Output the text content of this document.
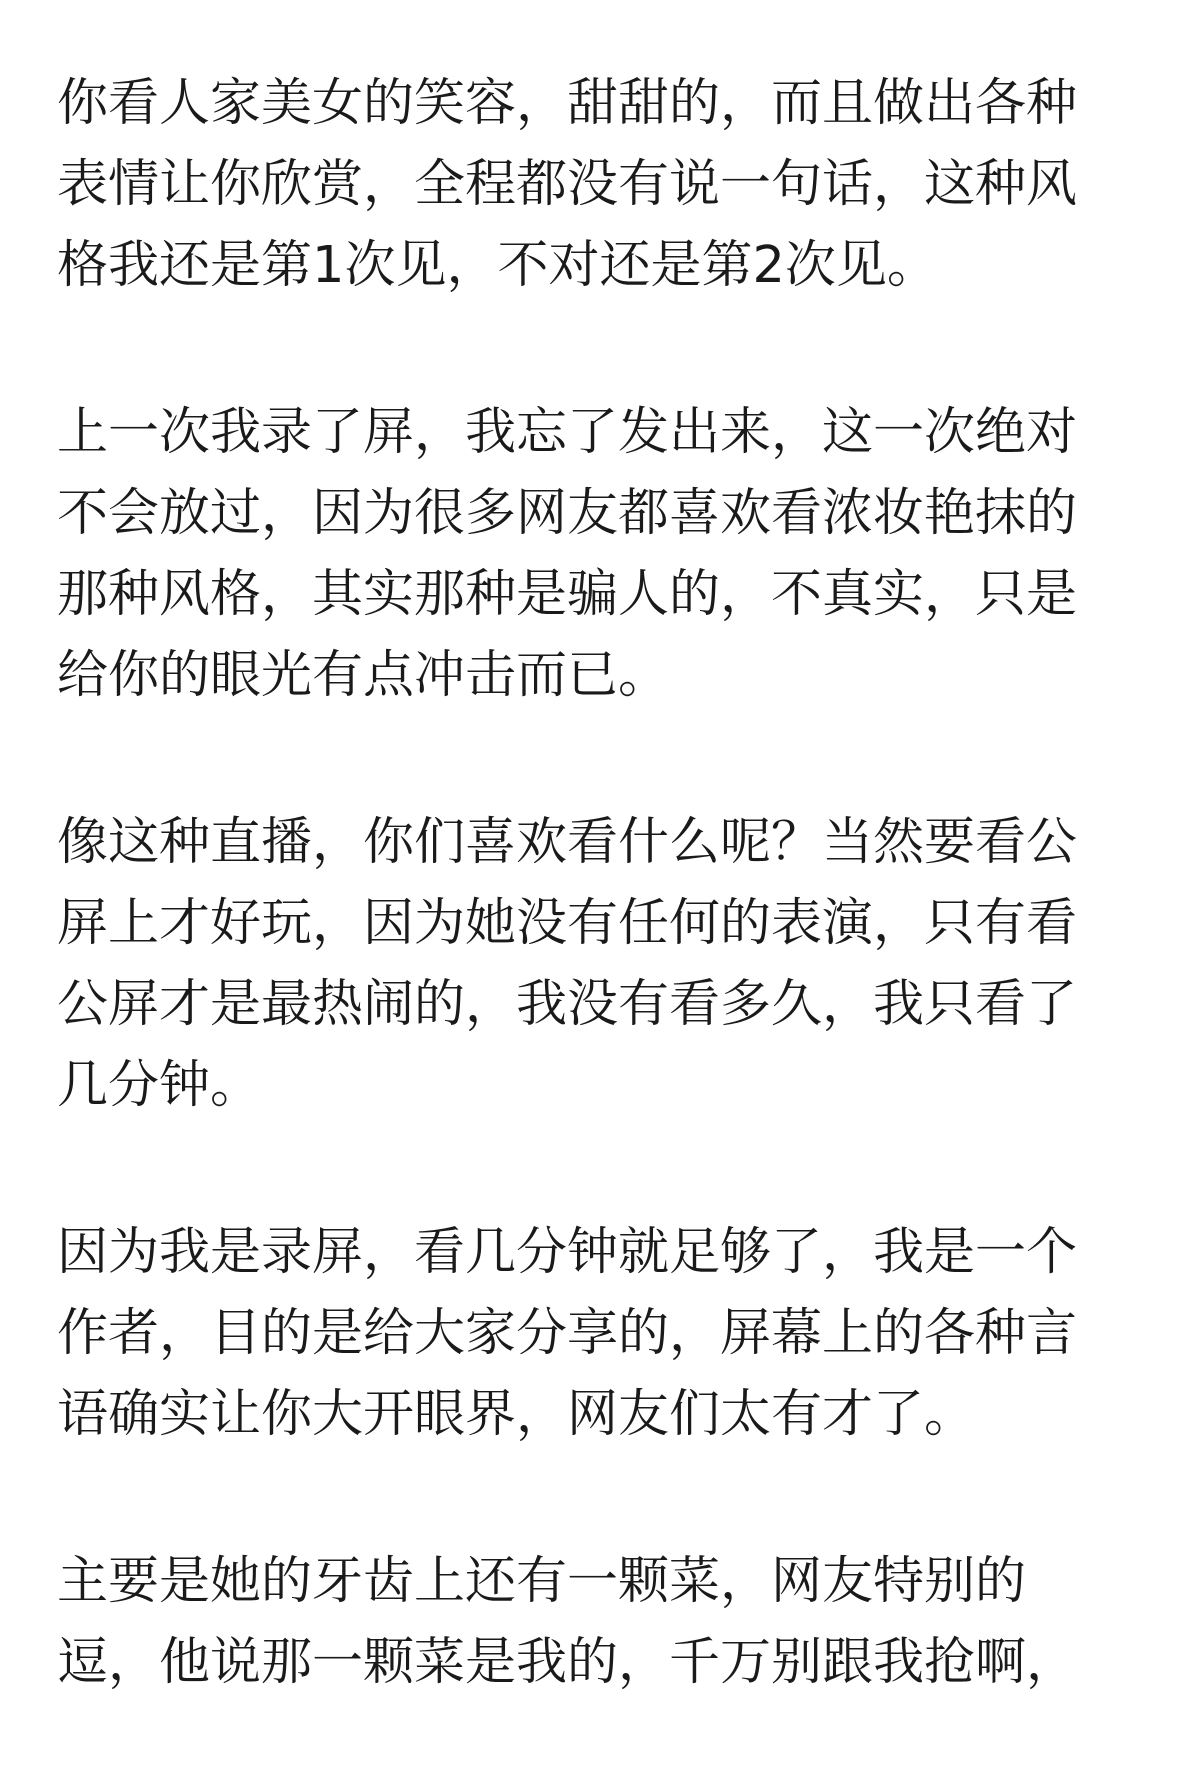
你看人家美女的笑容，甜甜的，而且做出各种
表情让你欣赏，全程都没有说一句话，这种风
格我还是第1次见，不对还是第2次见。
上一次我录了屏，我忘了发出来，这一次绝对
不会放过，因为很多网友都喜欢看浓妆艳抹的
那种风格，其实那种是骗人的，不真实，只是
给你的眼光有点冲击而已。
像这种直播，你们喜欢看什么呢？当然要看公
屏上才好玩，因为她没有任何的表演，只有看
公屏才是最热闹的，我没有看多久，我只看了
几分钟。
因为我是录屏，看几分钟就足够了，我是一个
作者，目的是给大家分享的，屏幕上的各种言
语确实让你大开眼界，网友们太有才了。
主要是她的牙齿上还有一颗菜，网友特别的
逗，他说那一颗菜是我的，千万别跟我抢啊，
